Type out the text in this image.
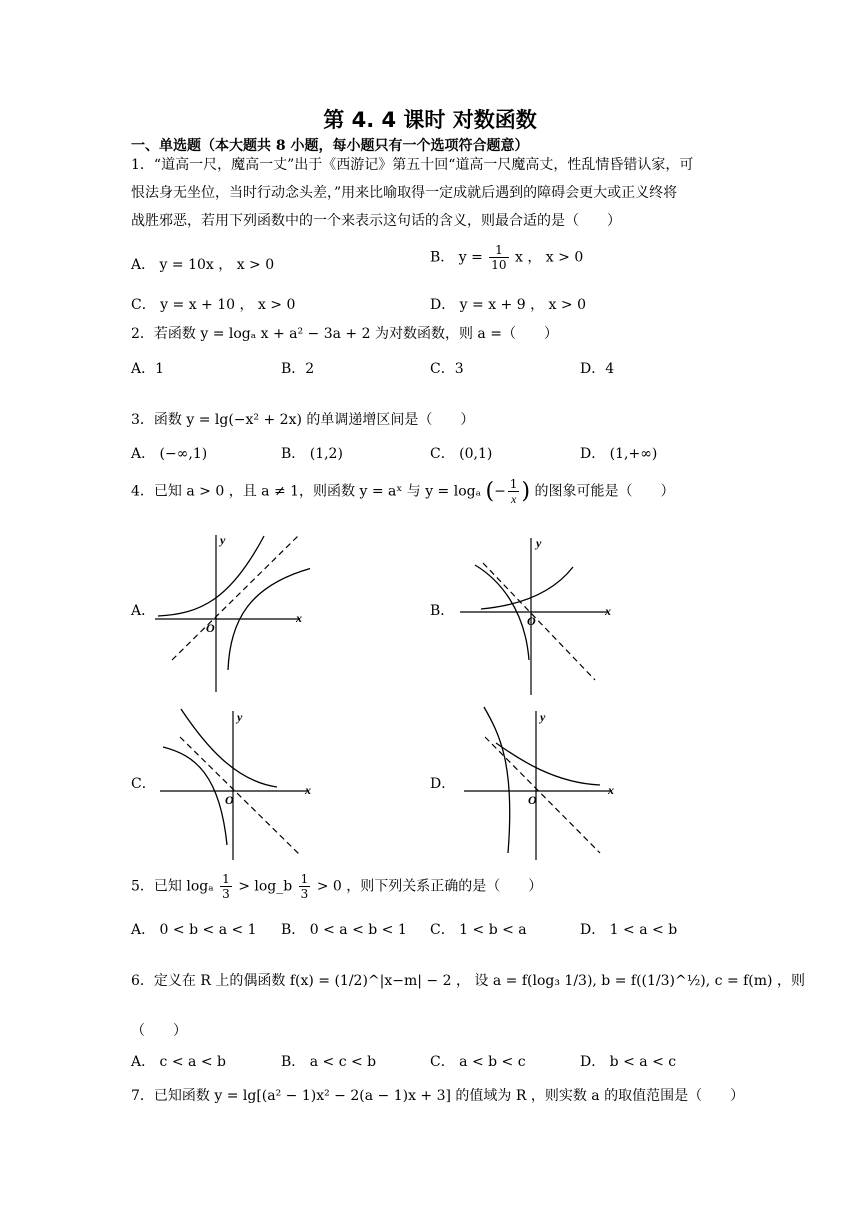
第 4. 4 课时 对数函数
一、单选题（本大题共 8 小题，每小题只有一个选项符合题意）
1．“道高一尺，魔高一丈”出于《西游记》第五十回“道高一尺魔高丈，性乱情昏错认家，可
恨法身无坐位，当时行动念头差，”用来比喻取得一定成就后遇到的障碍会更大或正义终将
战胜邪恶，若用下列函数中的一个来表示这句话的含义，则最合适的是（　　）
A． y = 10x ， x > 0	B． $y = \frac{1}{10}$ x ， x > 0
C． y = x + 10 ， x > 0	D． y = x + 9 ， x > 0
2．若函数 y = logₐ x + a² − 3a + 2 为对数函数，则 a =（　　）
A．1	B．2	C．3	D．4
3．函数 y = lg(−x² + 2x) 的单调递增区间是（　　）
A． (−∞,1)	B． (1,2)	C． (0,1)	D． (1,+∞)
4．已知 a > 0 ，且 a ≠ 1，则函数 y = aˣ 与 y = logₐ (− $\frac{1}{x}$ ) 的图象可能是（　　）
A．	B．
C．	D．
x
y
O
x
y
O
x
y
O
x
y
O
5．已知 logₐ $\frac{1}{3}$ > log_b $\frac{1}{3} > 0$ ，则下列关系正确的是（　　）
A． 0 < b < a < 1 B． 0 < a < b < 1 C． 1 < b < a	D． 1 < a < b
6．定义在 R 上的偶函数 f(x) = (1/2)^|x−m| − 2 ， 设 a = f(log₃ 1/3), b = f((1/3)^½), c = f(m) ，则
（　　）
A． c < a < b	B． a < c < b	C． a < b < c	D． b < a < c
7．已知函数 y = lg[(a² − 1)x² − 2(a − 1)x + 3] 的值域为 R ，则实数 a 的取值范围是（　　）
